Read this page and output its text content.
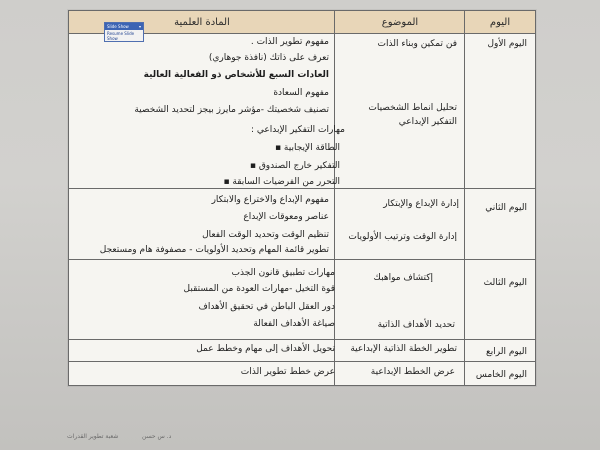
اليوم
الموضوع
المادة العلمية
اليوم الأول
فن تمكين وبناء الذات
تحليل انماط الشخصيات
التفكير الإبداعي
مفهوم تطوير الذات .
تعرف على ذاتك (نافذة جوهاري)
العادات السبع للأشخاص ذو الفعالية العالية
مفهوم السعادة
تصنيف شخصيتك -مؤشر مايرز بيجز لتحديد الشخصية
مهارات التفكير الإبداعي :
الطاقة الإيجابية ▪
التفكير خارج الصندوق ▪
التحرر من الفرضيات السابقة ▪
اليوم الثاني
إدارة الإبداع والإبتكار
إدارة الوقت وترتيب الأولويات
مفهوم الإبداع والاختراع والابتكار
عناصر ومعوقات الإبداع
تنظيم الوقت وتحديد الوقت الفعال
تطوير قائمة المهام وتحديد الأولويات - مصفوفة هام ومستعجل
اليوم الثالث
إكتشاف مواهبك
تحديد الأهداف الذاتية
مهارات تطبيق قانون الجذب
قوة التخيل -مهارات العودة من المستقبل
دور العقل الباطن في تحقيق الأهداف
صياغة الأهداف الفعالة
اليوم الرابع
تطوير الخطة الذاتية الإبداعية
تحويل الأهداف إلى مهام وخطط عمل
اليوم الخامس
عرض الخطط الإبداعية
عرض خطط تطوير الذات
Slide Show	▾
Resume Slide Show
شعبة تطوير القدرات	د. س حسن
